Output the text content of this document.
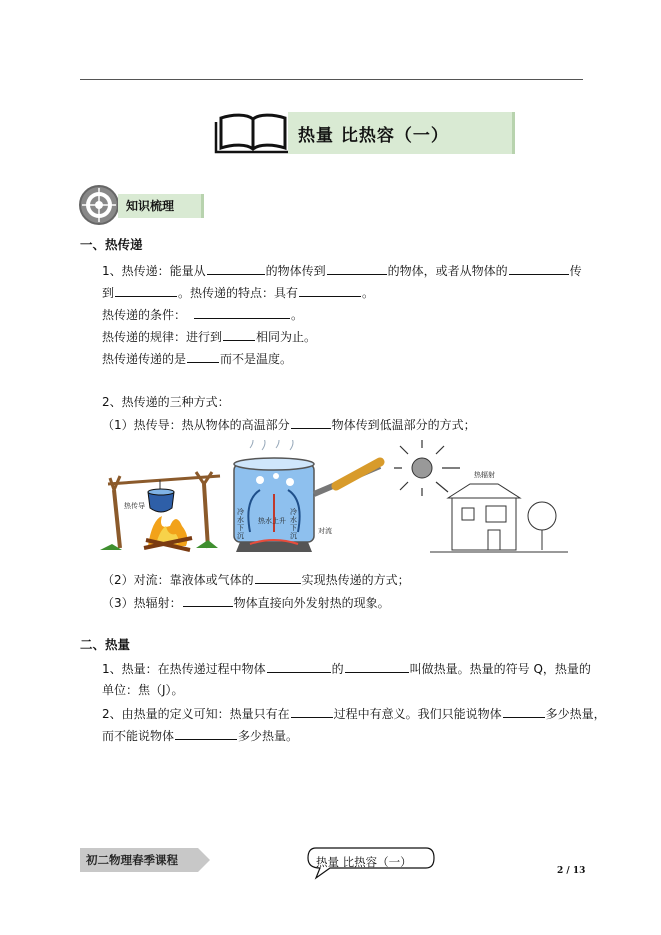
热量 比热容（一）
知识梳理
一、热传递
1、热传递：能量从	的物体传到	的物体，或者从物体的	传
到	。热传递的特点：具有	。
热传递的条件：	。
热传递的规律：进行到	相同为止。
热传递传递的是	而不是温度。
2、热传递的三种方式：
（1）热传导：热从物体的高温部分	物体传到低温部分的方式；
热传导
冷水下沉
热水上升
冷水下沉
对流
热辐射
（2）对流：靠液体或气体的	实现热传递的方式；
（3）热辐射：	物体直接向外发射热的现象。
二、热量
1、热量：在热传递过程中物体	的	叫做热量。热量的符号 Q，热量的
单位：焦（J）。
2、由热量的定义可知：热量只有在	过程中有意义。我们只能说物体	多少热量，
而不能说物体	多少热量。
初二物理春季课程	热量 比热容（一）
2 / 13
